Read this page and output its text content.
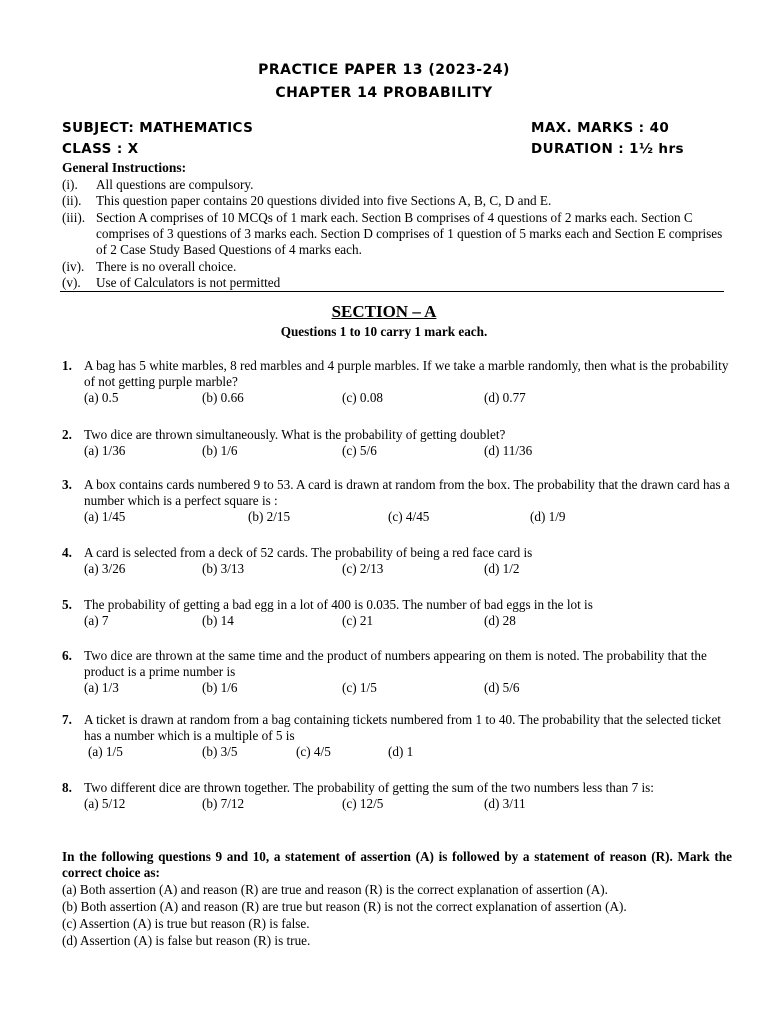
PRACTICE PAPER 13 (2023-24)
CHAPTER 14 PROBABILITY
SUBJECT: MATHEMATICS	MAX. MARKS : 40
CLASS : X	DURATION : 1½ hrs
General Instructions:
(i). All questions are compulsory.
(ii). This question paper contains 20 questions divided into five Sections A, B, C, D and E.
(iii). Section A comprises of 10 MCQs of 1 mark each. Section B comprises of 4 questions of 2 marks each. Section C comprises of 3 questions of 3 marks each. Section D comprises of 1 question of 5 marks each and Section E comprises of 2 Case Study Based Questions of 4 marks each.
(iv). There is no overall choice.
(v). Use of Calculators is not permitted
SECTION – A
Questions 1 to 10 carry 1 mark each.
1. A bag has 5 white marbles, 8 red marbles and 4 purple marbles. If we take a marble randomly, then what is the probability of not getting purple marble?
(a) 0.5	(b) 0.66	(c) 0.08	(d) 0.77
2. Two dice are thrown simultaneously. What is the probability of getting doublet?
(a) 1/36	(b) 1/6	(c) 5/6	(d) 11/36
3. A box contains cards numbered 9 to 53. A card is drawn at random from the box. The probability that the drawn card has a number which is a perfect square is :
(a) 1/45	(b) 2/15	(c) 4/45	(d) 1/9
4. A card is selected from a deck of 52 cards. The probability of being a red face card is
(a) 3/26	(b) 3/13	(c) 2/13	(d) 1/2
5. The probability of getting a bad egg in a lot of 400 is 0.035. The number of bad eggs in the lot is
(a) 7	(b) 14	(c) 21	(d) 28
6. Two dice are thrown at the same time and the product of numbers appearing on them is noted. The probability that the product is a prime number is
(a) 1/3	(b) 1/6	(c) 1/5	(d) 5/6
7. A ticket is drawn at random from a bag containing tickets numbered from 1 to 40. The probability that the selected ticket has a number which is a multiple of 5 is
(a) 1/5	(b) 3/5	(c) 4/5	(d) 1
8. Two different dice are thrown together. The probability of getting the sum of the two numbers less than 7 is:
(a) 5/12	(b) 7/12	(c) 12/5	(d) 3/11
In the following questions 9 and 10, a statement of assertion (A) is followed by a statement of reason (R). Mark the correct choice as:
(a) Both assertion (A) and reason (R) are true and reason (R) is the correct explanation of assertion (A).
(b) Both assertion (A) and reason (R) are true but reason (R) is not the correct explanation of assertion (A).
(c) Assertion (A) is true but reason (R) is false.
(d) Assertion (A) is false but reason (R) is true.
